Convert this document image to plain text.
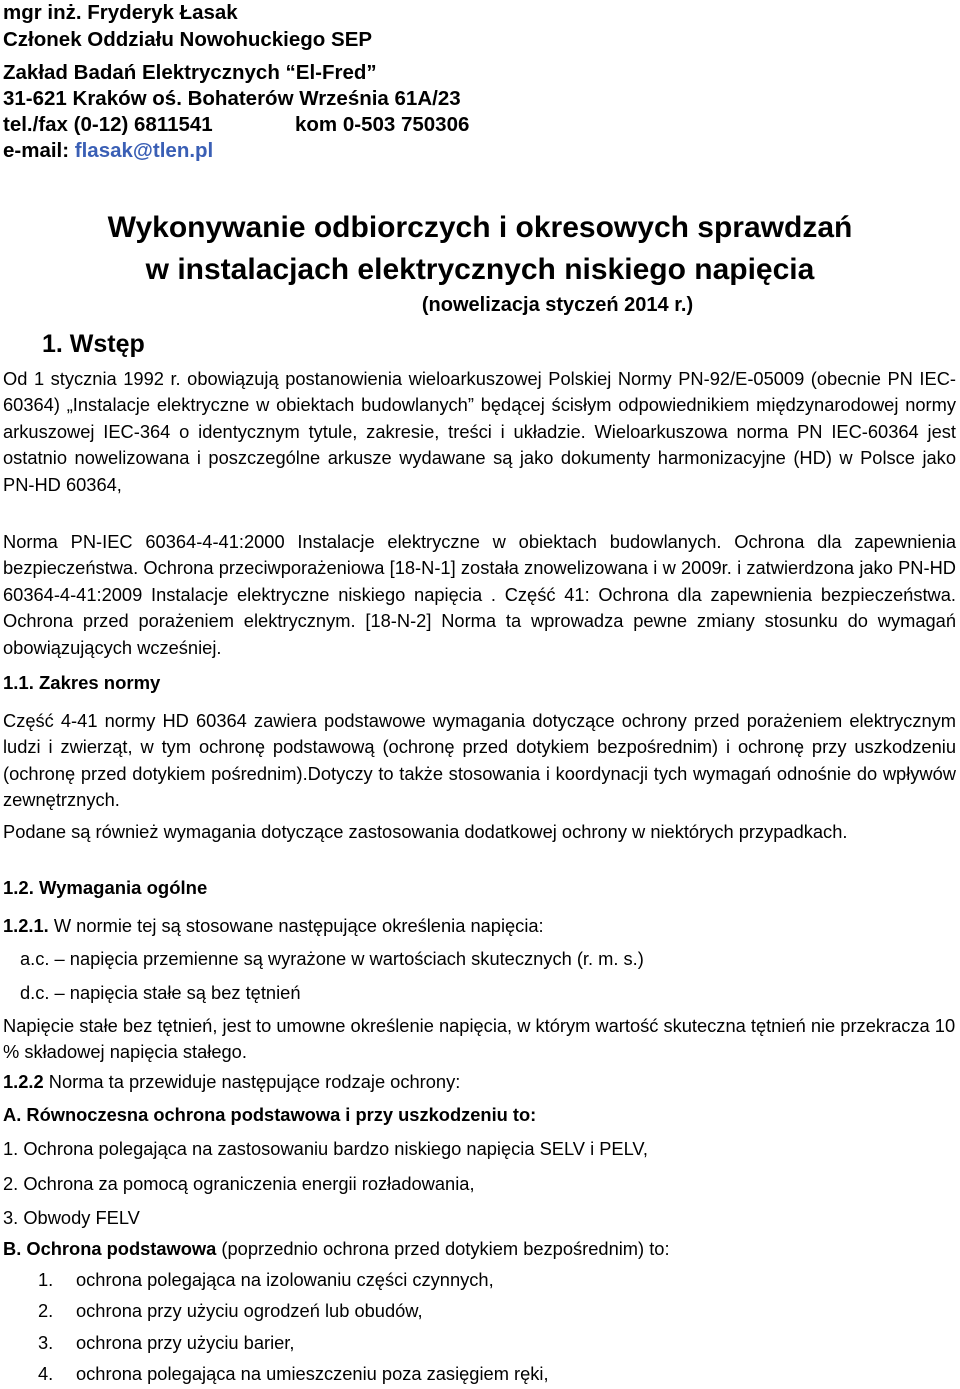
mgr inż. Fryderyk Łasak
Członek Oddziału Nowohuckiego SEP
Zakład Badań Elektrycznych “El-Fred”
31-621 Kraków oś. Bohaterów Września 61A/23
tel./fax (0-12) 6811541	kom 0-503 750306
e-mail: flasak@tlen.pl
Wykonywanie odbiorczych i okresowych sprawdzań
w instalacjach elektrycznych niskiego napięcia
(nowelizacja styczeń 2014 r.)
1. Wstęp
Od 1 stycznia 1992 r. obowiązują postanowienia wieloarkuszowej Polskiej Normy PN-92/E-05009 (obecnie PN IEC-60364) „Instalacje elektryczne w obiektach budowlanych” będącej ścisłym odpowiednikiem międzynarodowej normy arkuszowej IEC-364 o identycznym tytule, zakresie, treści i układzie. Wieloarkuszowa norma PN IEC-60364 jest ostatnio nowelizowana i poszczególne arkusze wydawane są jako dokumenty harmonizacyjne (HD) w Polsce jako PN-HD 60364,
Norma PN-IEC 60364-4-41:2000 Instalacje elektryczne w obiektach budowlanych. Ochrona dla zapewnienia bezpieczeństwa. Ochrona przeciwporażeniowa [18-N-1] została znowelizowana i w 2009r. i zatwierdzona jako PN-HD 60364-4-41:2009 Instalacje elektryczne niskiego napięcia . Część 41: Ochrona dla zapewnienia bezpieczeństwa. Ochrona przed porażeniem elektrycznym. [18-N-2] Norma ta wprowadza pewne zmiany stosunku do wymagań obowiązujących wcześniej.
1.1. Zakres normy
Część 4-41 normy HD 60364 zawiera podstawowe wymagania dotyczące ochrony przed porażeniem elektrycznym ludzi i zwierząt, w tym ochronę podstawową (ochronę przed dotykiem bezpośrednim) i ochronę przy uszkodzeniu (ochronę przed dotykiem pośrednim).Dotyczy to także stosowania i koordynacji tych wymagań odnośnie do wpływów zewnętrznych.
Podane są również wymagania dotyczące zastosowania dodatkowej ochrony w niektórych przypadkach.
1.2. Wymagania ogólne
1.2.1. W normie tej są stosowane następujące określenia napięcia:
a.c. – napięcia przemienne są wyrażone w wartościach skutecznych (r. m. s.)
d.c. – napięcia stałe są bez tętnień
Napięcie stałe bez tętnień, jest to umowne określenie napięcia, w którym wartość skuteczna tętnień nie przekracza 10 % składowej napięcia stałego.
1.2.2 Norma ta przewiduje następujące rodzaje ochrony:
A. Równoczesna ochrona podstawowa i przy uszkodzeniu to:
1. Ochrona polegająca na zastosowaniu bardzo niskiego napięcia SELV i PELV,
2. Ochrona za pomocą ograniczenia energii rozładowania,
3. Obwody FELV
B. Ochrona podstawowa (poprzednio ochrona przed dotykiem bezpośrednim) to:
1. ochrona polegająca na izolowaniu części czynnych,
2. ochrona przy użyciu ogrodzeń lub obudów,
3. ochrona przy użyciu barier,
4. ochrona polegająca na umieszczeniu poza zasięgiem ręki,
